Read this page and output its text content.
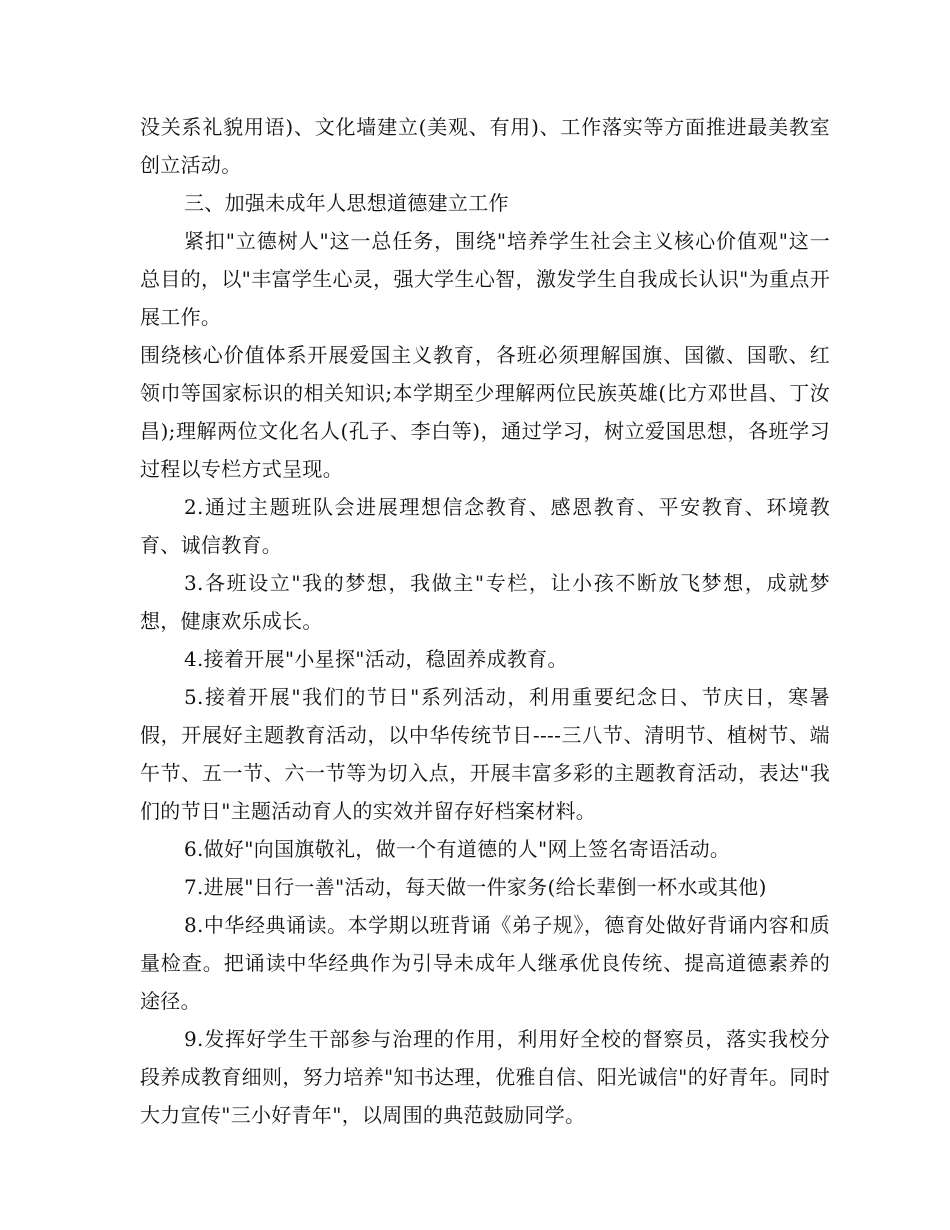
没关系礼貌用语)、文化墙建立(美观、有用)、工作落实等方面推进最美教室创立活动。

三、加强未成年人思想道德建立工作

紧扣"立德树人"这一总任务，围绕"培养学生社会主义核心价值观"这一总目的，以"丰富学生心灵，强大学生心智，激发学生自我成长认识"为重点开展工作。

围绕核心价值体系开展爱国主义教育，各班必须理解国旗、国徽、国歌、红领巾等国家标识的相关知识;本学期至少理解两位民族英雄(比方邓世昌、丁汝昌);理解两位文化名人(孔子、李白等)，通过学习，树立爱国思想，各班学习过程以专栏方式呈现。

2.通过主题班队会进展理想信念教育、感恩教育、平安教育、环境教育、诚信教育。

3.各班设立"我的梦想，我做主"专栏，让小孩不断放飞梦想，成就梦想，健康欢乐成长。

4.接着开展"小星探"活动，稳固养成教育。

5.接着开展"我们的节日"系列活动，利用重要纪念日、节庆日，寒暑假，开展好主题教育活动，以中华传统节日----三八节、清明节、植树节、端午节、五一节、六一节等为切入点，开展丰富多彩的主题教育活动，表达"我们的节日"主题活动育人的实效并留存好档案材料。

6.做好"向国旗敬礼，做一个有道德的人"网上签名寄语活动。

7.进展"日行一善"活动，每天做一件家务(给长辈倒一杯水或其他)

8.中华经典诵读。本学期以班背诵《弟子规》，德育处做好背诵内容和质量检查。把诵读中华经典作为引导未成年人继承优良传统、提高道德素养的途径。

9.发挥好学生干部参与治理的作用，利用好全校的督察员，落实我校分段养成教育细则，努力培养"知书达理，优雅自信、阳光诚信"的好青年。同时大力宣传"三小好青年"，以周围的典范鼓励同学。
